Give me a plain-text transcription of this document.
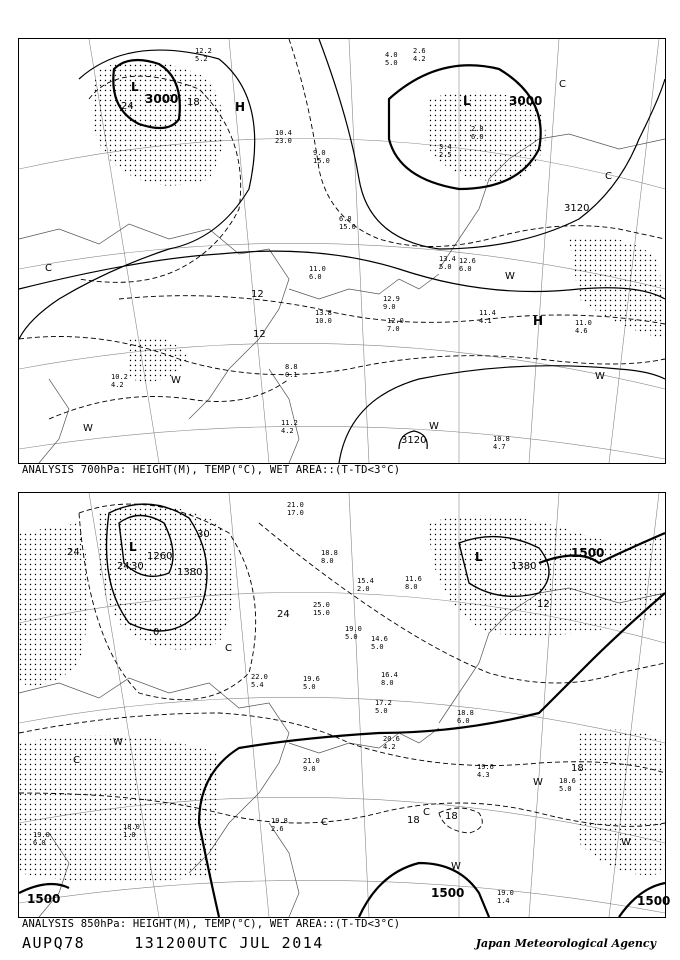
3000	3000
3120
3120
24	18
12
12
L
L
H
H
C
C
C
W
W
W	W
W
12.2
5.2
10.4
23.0
9.0
15.0
4.0
5.0
2.6
4.2
2.8
6.0
3.4
2.5
6.8
15.0
11.0
6.0
13.4
5.0
12.6
6.0
12.9
9.0
13.8
10.0	12.0
7.0
11.4
4.1	11.0
4.6
8.8
0.1
11.2
4.2
10.2
4.2
10.8
4.7
ANALYSIS 700hPa: HEIGHT(M), TEMP(°C), WET AREA::(T-TD<3°C)
1260
1380
1380
1500
1500	1500
1500
24
24 30
30
24
18	18
12
18
0
L
L
C
C
C
C
W
W
W
W
21.0
17.0
18.8
8.0
15.4
2.0
11.6
8.0
14.6
5.0
25.0
15.0
19.0
5.0
16.4
8.0
22.0
5.4
19.6
5.0
20.6
4.2
18.8
6.0
17.2
5.0
19.6
4.3
18.6
5.0
21.0
9.0
19.8
2.6
19.0
1.4
18.0
1.0
19.0
6.0
ANALYSIS 850hPa: HEIGHT(M), TEMP(°C), WET AREA::(T-TD<3°C)
AUPQ78	131200UTC JUL 2014	Japan Meteorological Agency
